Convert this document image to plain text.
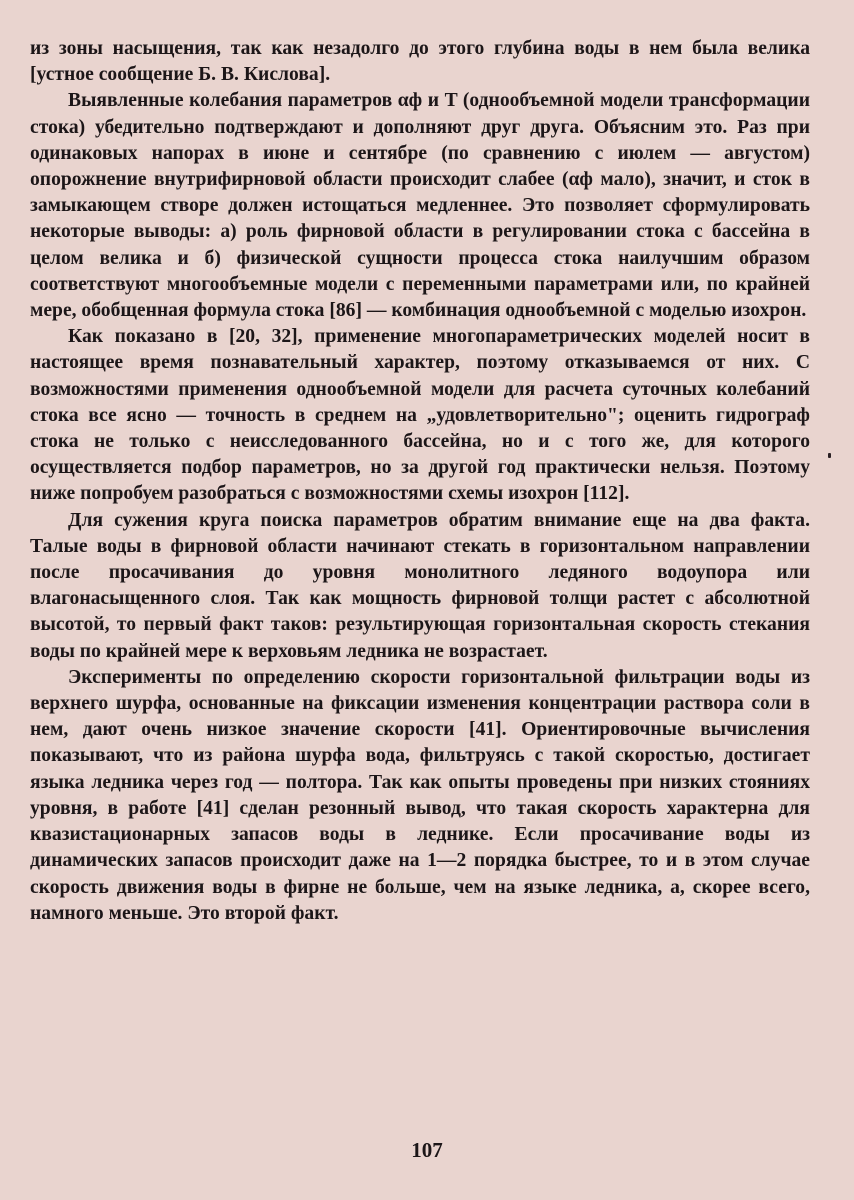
из зоны насыщения, так как незадолго до этого глубина воды в нем была велика [устное сообщение Б. В. Кислова].

Выявленные колебания параметров αф и T (однообъемной модели трансформации стока) убедительно подтверждают и дополняют друг друга. Объясним это. Раз при одинаковых напорах в июне и сентябре (по сравнению с июлем — августом) опорожнение внутрифирновой области происходит слабее (αф мало), значит, и сток в замыкающем створе должен истощаться медленнее. Это позволяет сформулировать некоторые выводы: а) роль фирновой области в регулировании стока с бассейна в целом велика и б) физической сущности процесса стока наилучшим образом соответствуют многообъемные модели с переменными параметрами или, по крайней мере, обобщенная формула стока [86] — комбинация однообъемной с моделью изохрон.

Как показано в [20, 32], применение многопараметрических моделей носит в настоящее время познавательный характер, поэтому отказываемся от них. С возможностями применения однообъемной модели для расчета суточных колебаний стока все ясно — точность в среднем на „удовлетворительно"; оценить гидрограф стока не только с неисследованного бассейна, но и с того же, для которого осуществляется подбор параметров, но за другой год практически нельзя. Поэтому ниже попробуем разобраться с возможностями схемы изохрон [112].

Для сужения круга поиска параметров обратим внимание еще на два факта. Талые воды в фирновой области начинают стекать в горизонтальном направлении после просачивания до уровня монолитного ледяного водоупора или влагонасыщенного слоя. Так как мощность фирновой толщи растет с абсолютной высотой, то первый факт таков: результирующая горизонтальная скорость стекания воды по крайней мере к верховьям ледника не возрастает.

Эксперименты по определению скорости горизонтальной фильтрации воды из верхнего шурфа, основанные на фиксации изменения концентрации раствора соли в нем, дают очень низкое значение скорости [41]. Ориентировочные вычисления показывают, что из района шурфа вода, фильтруясь с такой скоростью, достигает языка ледника через год — полтора. Так как опыты проведены при низких стояниях уровня, в работе [41] сделан резонный вывод, что такая скорость характерна для квазистационарных запасов воды в леднике. Если просачивание воды из динамических запасов происходит даже на 1—2 порядка быстрее, то и в этом случае скорость движения воды в фирне не больше, чем на языке ледника, а, скорее всего, намного меньше. Это второй факт.

107
